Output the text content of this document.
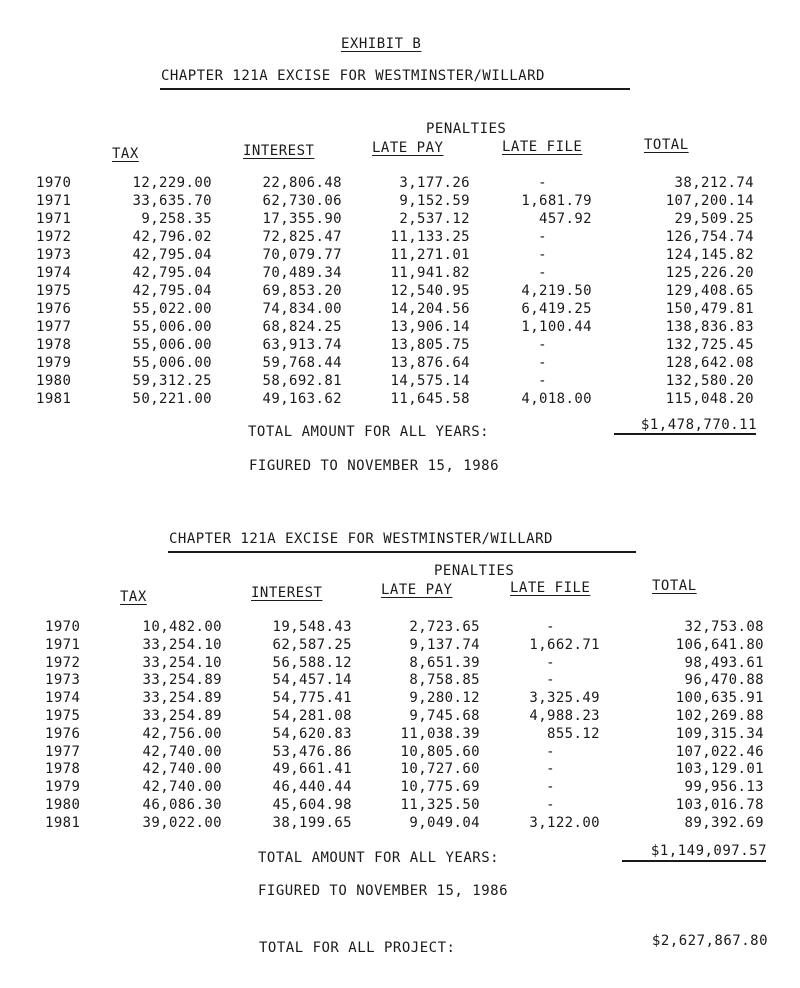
EXHIBIT B
CHAPTER 121A EXCISE FOR WESTMINSTER/WILLARD
PENALTIES
TAX	INTEREST	LATE PAY	LATE FILE	TOTAL
1970	12,229.00	22,806.48	3,177.26	-	38,212.74
1971	33,635.70	62,730.06	9,152.59	1,681.79	107,200.14
1971	9,258.35	17,355.90	2,537.12	457.92	29,509.25
1972	42,796.02	72,825.47	11,133.25	-	126,754.74
1973	42,795.04	70,079.77	11,271.01	-	124,145.82
1974	42,795.04	70,489.34	11,941.82	-	125,226.20
1975	42,795.04	69,853.20	12,540.95	4,219.50	129,408.65
1976	55,022.00	74,834.00	14,204.56	6,419.25	150,479.81
1977	55,006.00	68,824.25	13,906.14	1,100.44	138,836.83
1978	55,006.00	63,913.74	13,805.75	-	132,725.45
1979	55,006.00	59,768.44	13,876.64	-	128,642.08
1980	59,312.25	58,692.81	14,575.14	-	132,580.20
1981	50,221.00	49,163.62	11,645.58	4,018.00	115,048.20
TOTAL AMOUNT FOR ALL YEARS:	$1,478,770.11
FIGURED TO NOVEMBER 15, 1986
CHAPTER 121A EXCISE FOR WESTMINSTER/WILLARD
PENALTIES
TAX	INTEREST	LATE PAY	LATE FILE	TOTAL
1970	10,482.00	19,548.43	2,723.65	-	32,753.08
1971	33,254.10	62,587.25	9,137.74	1,662.71	106,641.80
1972	33,254.10	56,588.12	8,651.39	-	98,493.61
1973	33,254.89	54,457.14	8,758.85	-	96,470.88
1974	33,254.89	54,775.41	9,280.12	3,325.49	100,635.91
1975	33,254.89	54,281.08	9,745.68	4,988.23	102,269.88
1976	42,756.00	54,620.83	11,038.39	855.12	109,315.34
1977	42,740.00	53,476.86	10,805.60	-	107,022.46
1978	42,740.00	49,661.41	10,727.60	-	103,129.01
1979	42,740.00	46,440.44	10,775.69	-	99,956.13
1980	46,086.30	45,604.98	11,325.50	-	103,016.78
1981	39,022.00	38,199.65	9,049.04	3,122.00	89,392.69
TOTAL AMOUNT FOR ALL YEARS:	$1,149,097.57
FIGURED TO NOVEMBER 15, 1986
TOTAL FOR ALL PROJECT:	$2,627,867.80
